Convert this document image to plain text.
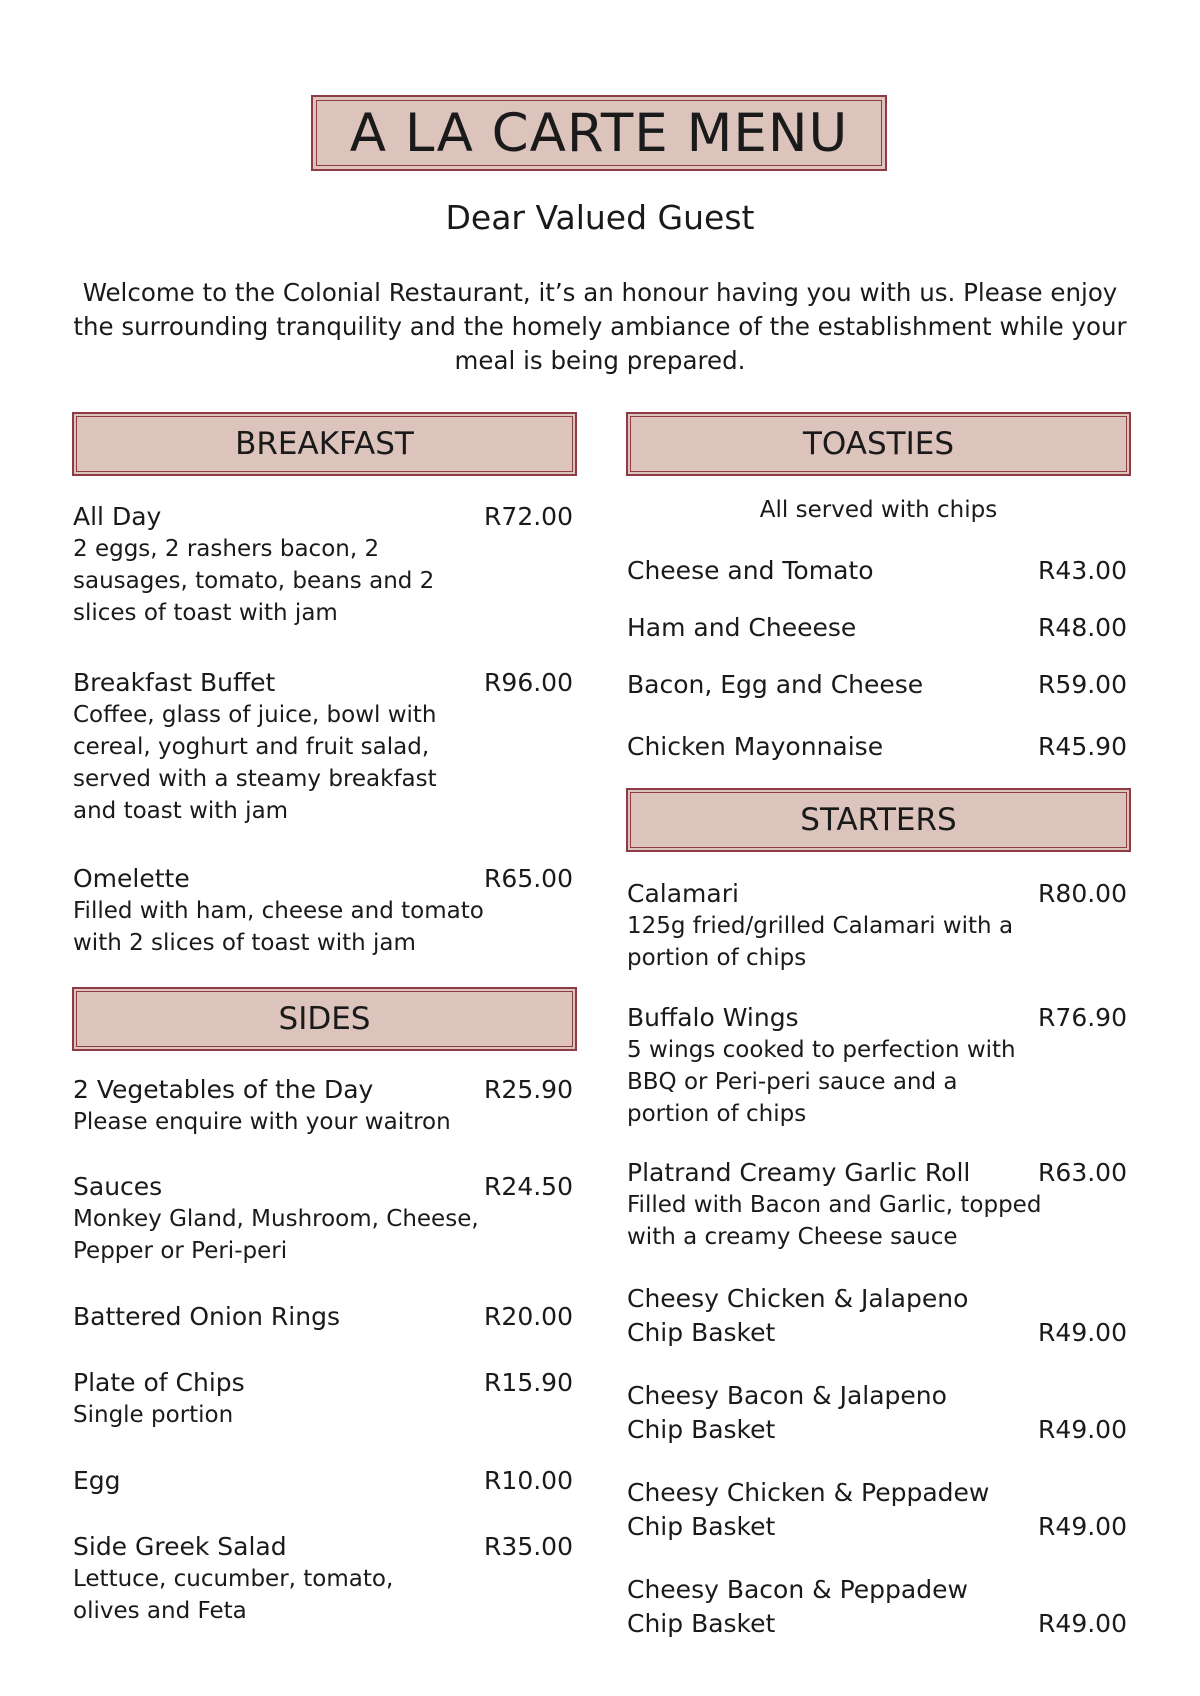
A LA CARTE MENU
Dear Valued Guest
Welcome to the Colonial Restaurant, it’s an honour having you with us. Please enjoy the surrounding tranquility and the homely ambiance of the establishment while your meal is being prepared.
BREAKFAST
All Day	R72.00
2 eggs, 2 rashers bacon, 2 sausages, tomato, beans and 2 slices of toast with jam
Breakfast Buffet	R96.00
Coffee, glass of juice, bowl with cereal, yoghurt and fruit salad, served with a steamy breakfast and toast with jam
Omelette	R65.00
Filled with ham, cheese and tomato with 2 slices of toast with jam
SIDES
2 Vegetables of the Day	R25.90
Please enquire with your waitron
Sauces	R24.50
Monkey Gland, Mushroom, Cheese, Pepper or Peri-peri
Battered Onion Rings	R20.00
Plate of Chips	R15.90
Single portion
Egg	R10.00
Side Greek Salad	R35.00
Lettuce, cucumber, tomato, olives and Feta
TOASTIES
All served with chips
Cheese and Tomato	R43.00
Ham and Cheeese	R48.00
Bacon, Egg and Cheese	R59.00
Chicken Mayonnaise	R45.90
STARTERS
Calamari	R80.00
125g fried/grilled Calamari with a portion of chips
Buffalo Wings	R76.90
5 wings cooked to perfection with BBQ or Peri-peri sauce and a portion of chips
Platrand Creamy Garlic Roll	R63.00
Filled with Bacon and Garlic, topped with a creamy Cheese sauce
Cheesy Chicken & Jalapeno
Chip Basket	R49.00
Cheesy Bacon & Jalapeno
Chip Basket	R49.00
Cheesy Chicken & Peppadew
Chip Basket	R49.00
Cheesy Bacon & Peppadew
Chip Basket	R49.00
